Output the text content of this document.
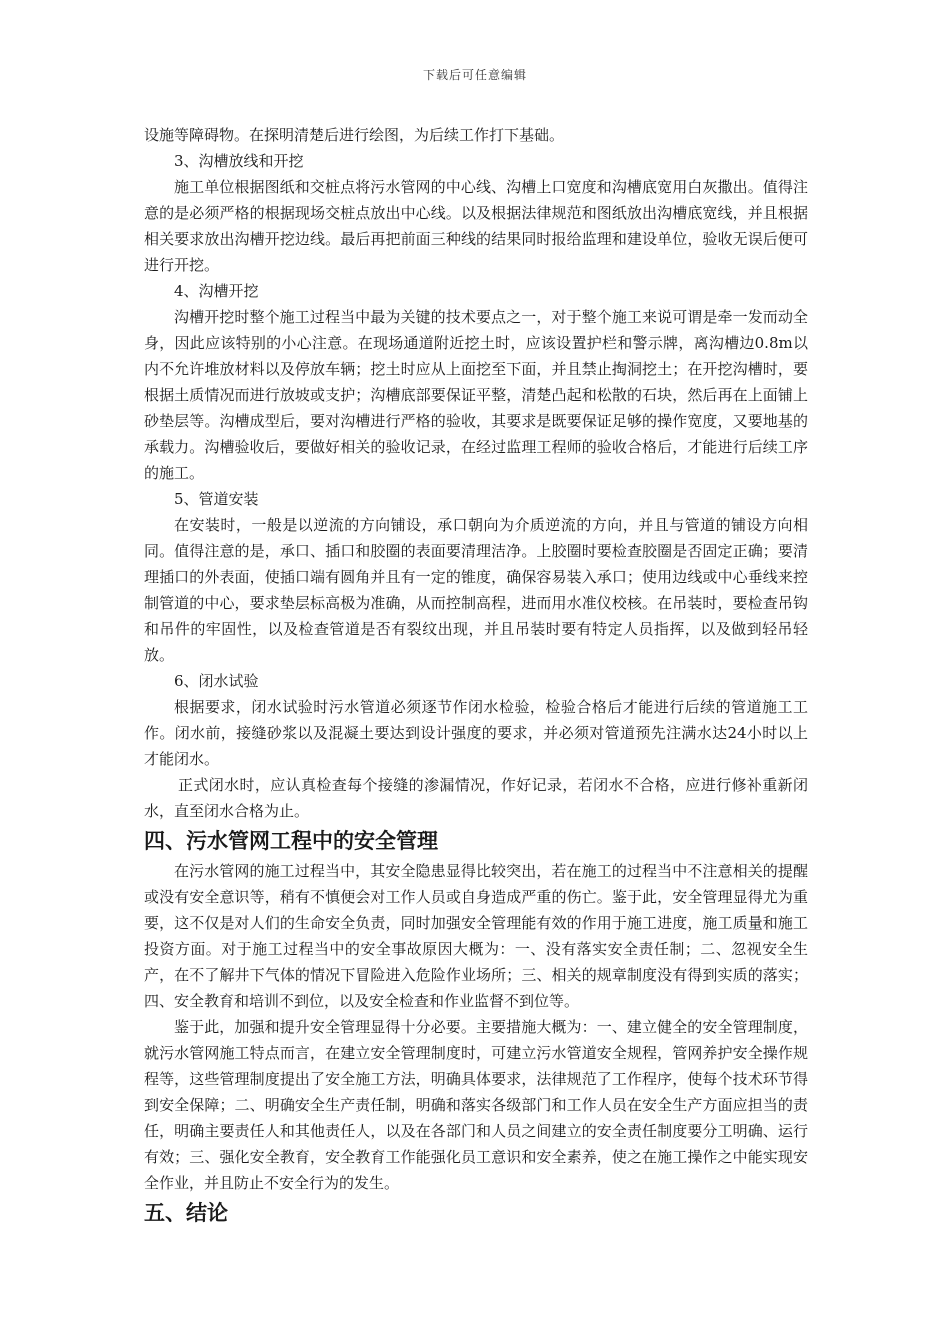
下载后可任意编辑

设施等障碍物。在探明清楚后进行绘图，为后续工作打下基础。

3、沟槽放线和开挖

施工单位根据图纸和交桩点将污水管网的中心线、沟槽上口宽度和沟槽底宽用白灰撒出。值得注意的是必须严格的根据现场交桩点放出中心线。以及根据法律规范和图纸放出沟槽底宽线，并且根据相关要求放出沟槽开挖边线。最后再把前面三种线的结果同时报给监理和建设单位，验收无误后便可进行开挖。

4、沟槽开挖

沟槽开挖时整个施工过程当中最为关键的技术要点之一，对于整个施工来说可谓是牵一发而动全身，因此应该特别的小心注意。在现场通道附近挖土时，应该设置护栏和警示牌，离沟槽边0.8m以内不允许堆放材料以及停放车辆；挖土时应从上面挖至下面，并且禁止掏洞挖土；在开挖沟槽时，要根据土质情况而进行放坡或支护；沟槽底部要保证平整，清楚凸起和松散的石块，然后再在上面铺上砂垫层等。沟槽成型后，要对沟槽进行严格的验收，其要求是既要保证足够的操作宽度，又要地基的承载力。沟槽验收后，要做好相关的验收记录，在经过监理工程师的验收合格后，才能进行后续工序的施工。

5、管道安装

在安装时，一般是以逆流的方向铺设，承口朝向为介质逆流的方向，并且与管道的铺设方向相同。值得注意的是，承口、插口和胶圈的表面要清理洁净。上胶圈时要检查胶圈是否固定正确；要清理插口的外表面，使插口端有圆角并且有一定的锥度，确保容易装入承口；使用边线或中心垂线来控制管道的中心，要求垫层标高极为准确，从而控制高程，进而用水准仪校核。在吊装时，要检查吊钩和吊件的牢固性，以及检查管道是否有裂纹出现，并且吊装时要有特定人员指挥，以及做到轻吊轻放。

6、闭水试验

根据要求，闭水试验时污水管道必须逐节作闭水检验，检验合格后才能进行后续的管道施工工作。闭水前，接缝砂浆以及混凝土要达到设计强度的要求，并必须对管道预先注满水达24小时以上才能闭水。

正式闭水时，应认真检查每个接缝的渗漏情况，作好记录，若闭水不合格，应进行修补重新闭水，直至闭水合格为止。

四、污水管网工程中的安全管理

在污水管网的施工过程当中，其安全隐患显得比较突出，若在施工的过程当中不注意相关的提醒或没有安全意识等，稍有不慎便会对工作人员或自身造成严重的伤亡。鉴于此，安全管理显得尤为重要，这不仅是对人们的生命安全负责，同时加强安全管理能有效的作用于施工进度，施工质量和施工投资方面。对于施工过程当中的安全事故原因大概为：一、没有落实安全责任制；二、忽视安全生产，在不了解井下气体的情况下冒险进入危险作业场所；三、相关的规章制度没有得到实质的落实；四、安全教育和培训不到位，以及安全检查和作业监督不到位等。

鉴于此，加强和提升安全管理显得十分必要。主要措施大概为：一、建立健全的安全管理制度，就污水管网施工特点而言，在建立安全管理制度时，可建立污水管道安全规程，管网养护安全操作规程等，这些管理制度提出了安全施工方法，明确具体要求，法律规范了工作程序，使每个技术环节得到安全保障；二、明确安全生产责任制，明确和落实各级部门和工作人员在安全生产方面应担当的责任，明确主要责任人和其他责任人，以及在各部门和人员之间建立的安全责任制度要分工明确、运行有效；三、强化安全教育，安全教育工作能强化员工意识和安全素养，使之在施工操作之中能实现安全作业，并且防止不安全行为的发生。

五、结论
